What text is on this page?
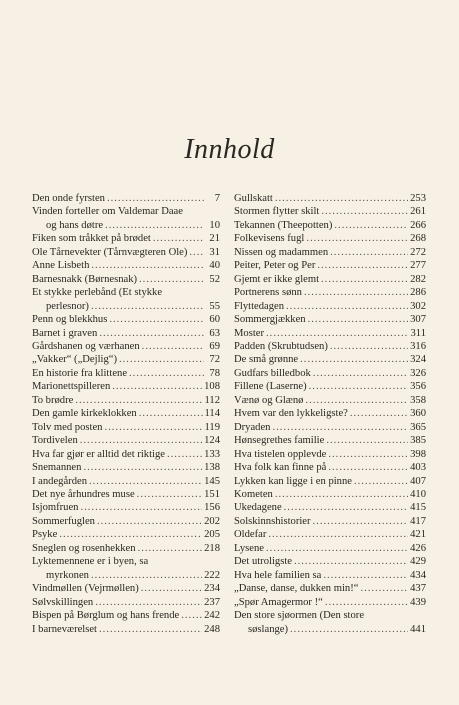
Innhold
Den onde fyrsten .....	7
Vinden forteller om Valdemar Daae
og hans døtre .....	10
Fiken som tråkket på brødet .....	21
Ole Tårnevekter (Tårnvægteren Ole) .....	31
Anne Lisbeth .....	40
Barnesnakk (Børnesnak) .....	52
Et stykke perlebånd (Et stykke
perlesnor) .....	55
Penn og blekkhus .....	60
Barnet i graven .....	63
Gårdshanen og værhanen .....	69
„Vakker“ („Dejlig“) .....	72
En historie fra klittene .....	78
Marionettspilleren .....	108
To brødre .....	112
Den gamle kirkeklokken .....	114
Tolv med posten .....	119
Tordivelen .....	124
Hva far gjør er alltid det riktige .....	133
Snemannen .....	138
I andegården .....	145
Det nye århundres muse .....	151
Isjomfruen .....	156
Sommerfuglen .....	202
Psyke .....	205
Sneglen og rosenhekken .....	218
Lyktemennene er i byen, sa
myrkonen .....	222
Vindmøllen (Vejrmøllen) .....	234
Sølvskillingen .....	237
Bispen på Børglum og hans frende ..... 242
I barneværelset .....	248
Gullskatt .....	253
Stormen flytter skilt .....	261
Tekannen (Theepotten) .....	266
Folkevisens fugl .....	268
Nissen og madammen .....	272
Peiter, Peter og Per .....	277
Gjemt er ikke glemt .....	282
Portnerens sønn .....	286
Flyttedagen .....	302
Sommergjækken .....	307
Moster .....	311
Padden (Skrubtudsen) .....	316
De små grønne .....	324
Gudfars billedbok .....	326
Fillene (Laserne) .....	356
Vænø og Glænø .....	358
Hvem var den lykkeligste? .....	360
Dryaden .....	365
Hønsegrethes familie .....	385
Hva tistelen opplevde .....	398
Hva folk kan finne på .....	403
Lykken kan ligge i en pinne .....	407
Kometen .....	410
Ukedagene .....	415
Solskinnshistorier .....	417
Oldefar .....	421
Lysene .....	426
Det utroligste .....	429
Hva hele familien sa .....	434
„Danse, danse, dukken min!“ .....	437
„Spør Amagermor !“ .....	439
Den store sjøormen (Den store
søslange) .....	441
